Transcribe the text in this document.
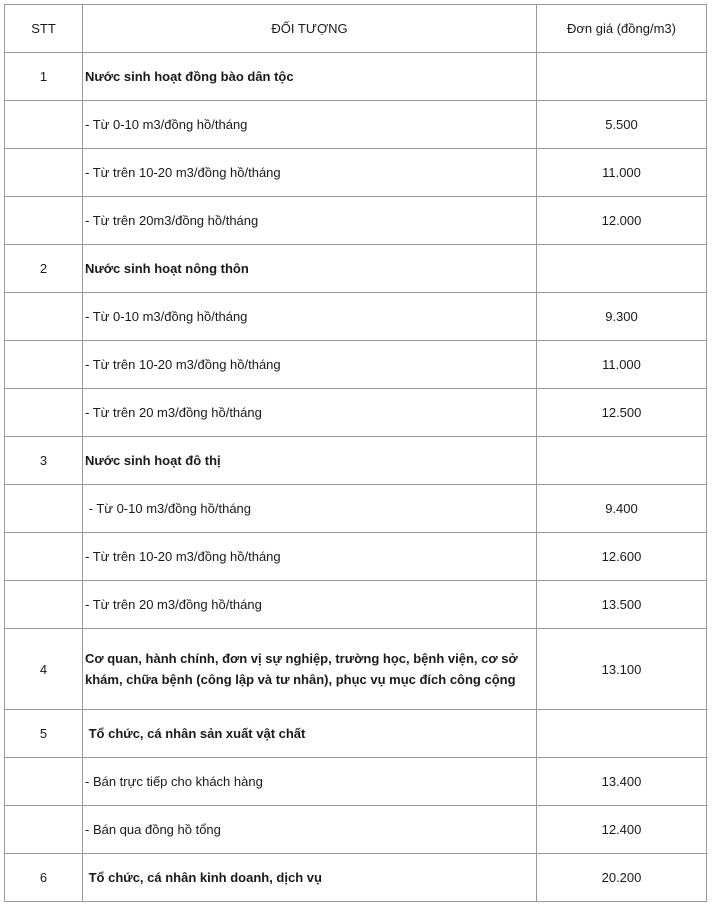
STT	ĐỐI TƯỢNG	Đơn giá (đồng/m3)
1	Nước sinh hoạt đồng bào dân tộc	
	- Từ 0-10 m3/đồng hồ/tháng	5.500
	- Từ trên 10-20 m3/đồng hồ/tháng	11.000
	- Từ trên 20m3/đồng hồ/tháng	12.000
2	Nước sinh hoạt nông thôn	
	- Từ 0-10 m3/đồng hồ/tháng	9.300
	- Từ trên 10-20 m3/đồng hồ/tháng	11.000
	- Từ trên 20 m3/đồng hồ/tháng	12.500
3	Nước sinh hoạt đô thị	
	- Từ 0-10 m3/đồng hồ/tháng	9.400
	- Từ trên 10-20 m3/đồng hồ/tháng	12.600
	- Từ trên 20 m3/đồng hồ/tháng	13.500
4	Cơ quan, hành chính, đơn vị sự nghiệp, trường học, bệnh viện, cơ sở khám, chữa bệnh (công lập và tư nhân), phục vụ mục đích công cộng	13.100
5	Tổ chức, cá nhân sản xuất vật chất	
	- Bán trực tiếp cho khách hàng	13.400
	- Bán qua đồng hồ tổng	12.400
6	Tổ chức, cá nhân kinh doanh, dịch vụ	20.200
